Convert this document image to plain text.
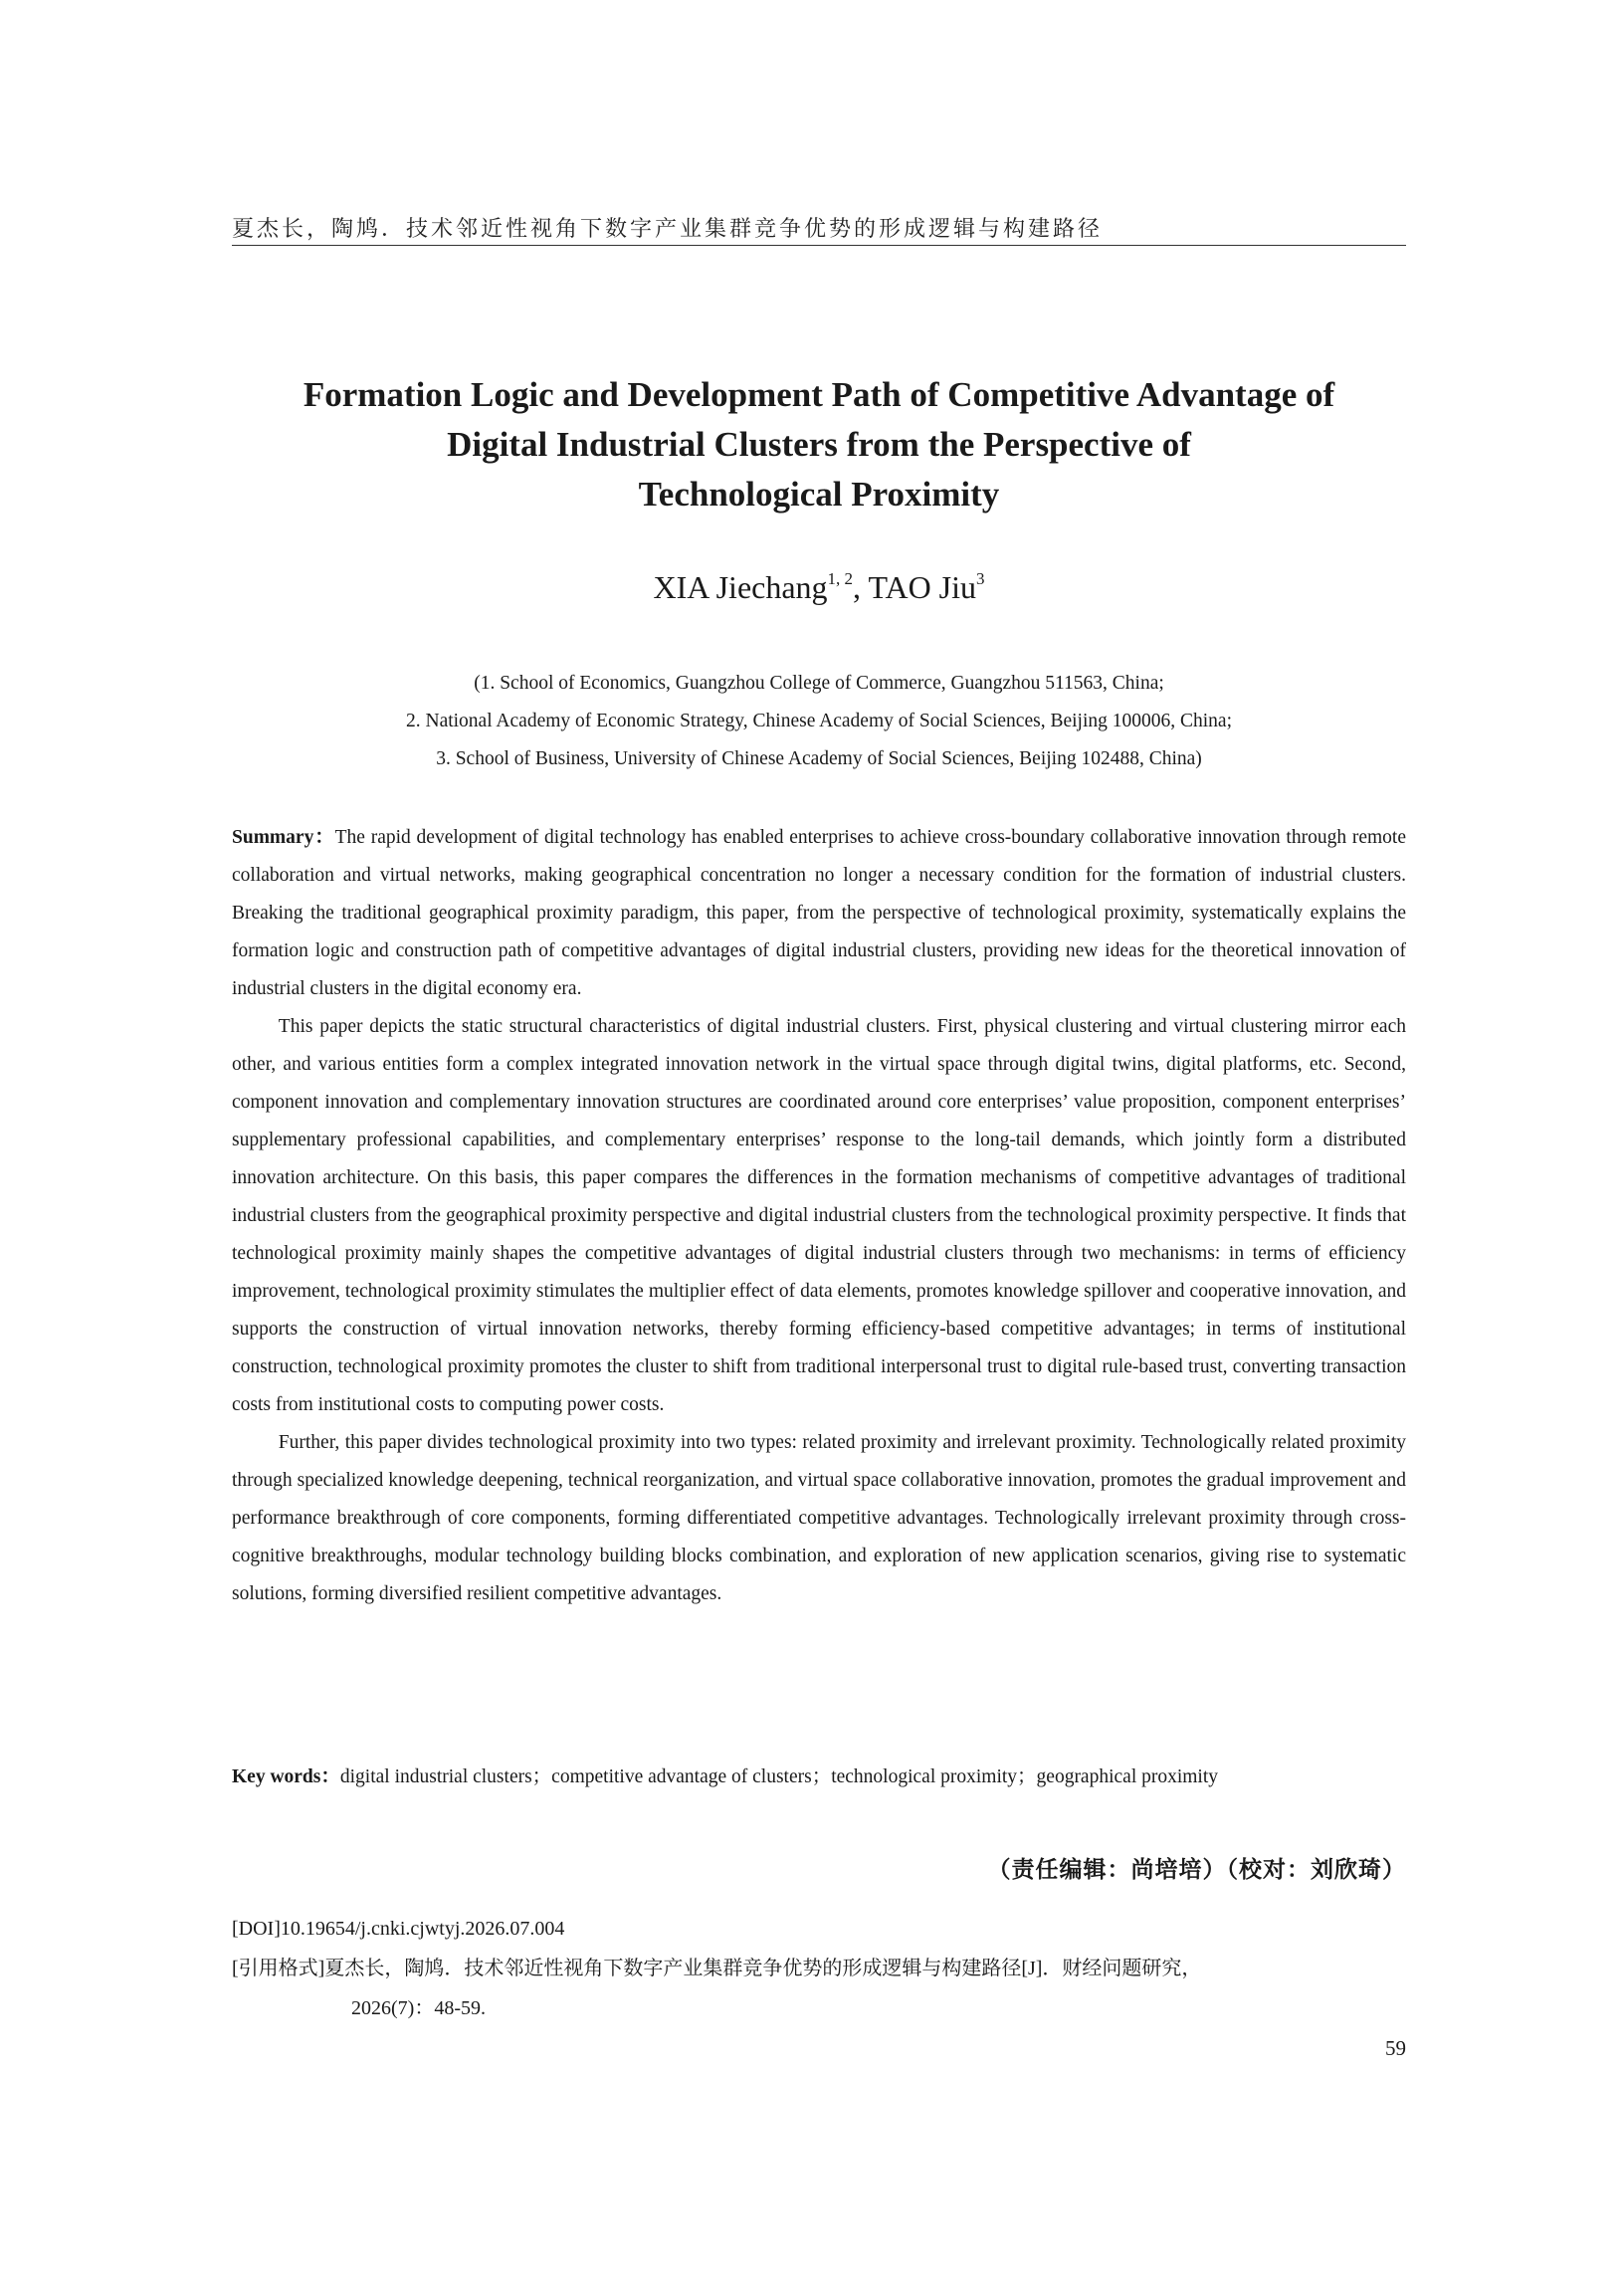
夏杰长，陶鸠．技术邻近性视角下数字产业集群竞争优势的形成逻辑与构建路径
Formation Logic and Development Path of Competitive Advantage of
Digital Industrial Clusters from the Perspective of
Technological Proximity
XIA Jiechang$^{1, 2}$, TAO Jiu$^3$
(1. School of Economics, Guangzhou College of Commerce, Guangzhou 511563, China;
2. National Academy of Economic Strategy, Chinese Academy of Social Sciences, Beijing 100006, China;
3. School of Business, University of Chinese Academy of Social Sciences, Beijing 102488, China)

Summary：The rapid development of digital technology has enabled enterprises to achieve cross-boundary collaborative innovation through remote collaboration and virtual networks, making geographical concentration no longer a necessary condition for the formation of industrial clusters. Breaking the traditional geographical proximity paradigm, this paper, from the perspective of technological proximity, systematically explains the formation logic and construction path of competitive advantages of digital industrial clusters, providing new ideas for the theoretical innovation of industrial clusters in the digital economy era.

This paper depicts the static structural characteristics of digital industrial clusters. First, physical clustering and virtual clustering mirror each other, and various entities form a complex integrated innovation network in the virtual space through digital twins, digital platforms, etc. Second, component innovation and complementary innovation structures are coordinated around core enterprises’ value proposition, component enterprises’ supplementary professional capabilities, and complementary enterprises’ response to the long-tail demands, which jointly form a distributed innovation architecture. On this basis, this paper compares the differences in the formation mechanisms of competitive advantages of traditional industrial clusters from the geographical proximity perspective and digital industrial clusters from the technological proximity perspective. It finds that technological proximity mainly shapes the competitive advantages of digital industrial clusters through two mechanisms: in terms of efficiency improvement, technological proximity stimulates the multiplier effect of data elements, promotes knowledge spillover and cooperative innovation, and supports the construction of virtual innovation networks, thereby forming efficiency-based competitive advantages; in terms of institutional construction, technological proximity promotes the cluster to shift from traditional interpersonal trust to digital rule-based trust, converting transaction costs from institutional costs to computing power costs.

Further, this paper divides technological proximity into two types: related proximity and irrelevant proximity. Technologically related proximity through specialized knowledge deepening, technical reorganization, and virtual space collaborative innovation, promotes the gradual improvement and performance breakthrough of core components, forming differentiated competitive advantages. Technologically irrelevant proximity through cross-cognitive breakthroughs, modular technology building blocks combination, and exploration of new application scenarios, giving rise to systematic solutions, forming diversified resilient competitive advantages.

Key words：digital industrial clusters；competitive advantage of clusters；technological proximity；geographical proximity
（责任编辑：尚培培）（校对：刘欣琦）
[DOI]10.19654/j.cnki.cjwtyj.2026.07.004
[引用格式]夏杰长，陶鸠．技术邻近性视角下数字产业集群竞争优势的形成逻辑与构建路径[J]．财经问题研究，
2026(7)：48-59.
59
